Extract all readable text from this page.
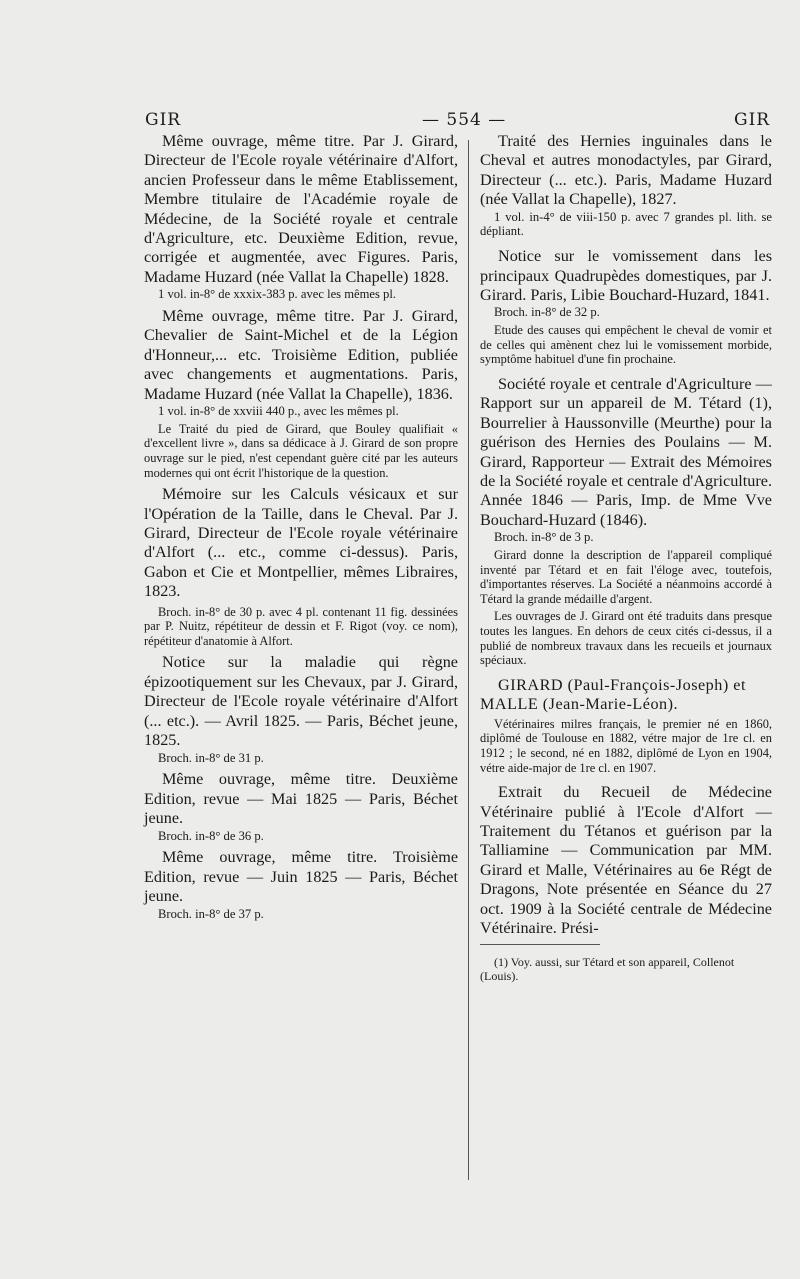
GIR	— 554 —	GIR

Même ouvrage, même titre. Par J. Girard, Directeur de l'Ecole royale vétérinaire d'Alfort, ancien Professeur dans le même Etablissement, Membre titulaire de l'Académie royale de Médecine, de la Société royale et centrale d'Agriculture, etc. Deuxième Edition, revue, corrigée et augmentée, avec Figures. Paris, Madame Huzard (née Vallat la Chapelle) 1828.

1 vol. in-8° de xxxix-383 p. avec les mêmes pl.

Même ouvrage, même titre. Par J. Girard, Chevalier de Saint-Michel et de la Légion d'Honneur,... etc. Troisième Edition, publiée avec changements et augmentations. Paris, Madame Huzard (née Vallat la Chapelle), 1836.

1 vol. in-8° de xxviii 440 p., avec les mêmes pl.

Le Traité du pied de Girard, que Bouley qualifiait « d'excellent livre », dans sa dédicace à J. Girard de son propre ouvrage sur le pied, n'est cependant guère cité par les auteurs modernes qui ont écrit l'historique de la question.

Mémoire sur les Calculs vésicaux et sur l'Opération de la Taille, dans le Cheval. Par J. Girard, Directeur de l'Ecole royale vétérinaire d'Alfort (... etc., comme ci-dessus). Paris, Gabon et Cie et Montpellier, mêmes Libraires, 1823.

Broch. in-8° de 30 p. avec 4 pl. contenant 11 fig. dessinées par P. Nuitz, répétiteur de dessin et F. Rigot (voy. ce nom), répétiteur d'anatomie à Alfort.

Notice sur la maladie qui règne épizootiquement sur les Chevaux, par J. Girard, Directeur de l'Ecole royale vétérinaire d'Alfort (... etc.). — Avril 1825. — Paris, Béchet jeune, 1825.

Broch. in-8° de 31 p.

Même ouvrage, même titre. Deuxième Edition, revue — Mai 1825 — Paris, Béchet jeune.

Broch. in-8° de 36 p.

Même ouvrage, même titre. Troisième Edition, revue — Juin 1825 — Paris, Béchet jeune.

Broch. in-8° de 37 p.

Traité des Hernies inguinales dans le Cheval et autres monodactyles, par Girard, Directeur (... etc.). Paris, Madame Huzard (née Vallat la Chapelle), 1827.

1 vol. in-4° de viii-150 p. avec 7 grandes pl. lith. se dépliant.

Notice sur le vomissement dans les principaux Quadrupèdes domestiques, par J. Girard. Paris, Libie Bouchard-Huzard, 1841.

Broch. in-8° de 32 p.

Etude des causes qui empêchent le cheval de vomir et de celles qui amènent chez lui le vomissement morbide, symptôme habituel d'une fin prochaine.

Société royale et centrale d'Agriculture — Rapport sur un appareil de M. Tétard (1), Bourrelier à Haussonville (Meurthe) pour la guérison des Hernies des Poulains — M. Girard, Rapporteur — Extrait des Mémoires de la Société royale et centrale d'Agriculture. Année 1846 — Paris, Imp. de Mme Vve Bouchard-Huzard (1846).

Broch. in-8° de 3 p.

Girard donne la description de l'appareil compliqué inventé par Tétard et en fait l'éloge avec, toutefois, d'importantes réserves. La Société a néanmoins accordé à Tétard la grande médaille d'argent.

Les ouvrages de J. Girard ont été traduits dans presque toutes les langues. En dehors de ceux cités ci-dessus, il a publié de nombreux travaux dans les recueils et journaux spéciaux.

GIRARD (Paul-François-Joseph) et MALLE (Jean-Marie-Léon).

Vétérinaires milres français, le premier né en 1860, diplômé de Toulouse en 1882, vétre major de 1re cl. en 1912 ; le second, né en 1882, diplômé de Lyon en 1904, vétre aide-major de 1re cl. en 1907.

Extrait du Recueil de Médecine Vétérinaire publié à l'Ecole d'Alfort — Traitement du Tétanos et guérison par la Talliamine — Communication par MM. Girard et Malle, Vétérinaires au 6e Régt de Dragons, Note présentée en Séance du 27 oct. 1909 à la Société centrale de Médecine Vétérinaire. Prési-

(1) Voy. aussi, sur Tétard et son appareil, Collenot (Louis).
